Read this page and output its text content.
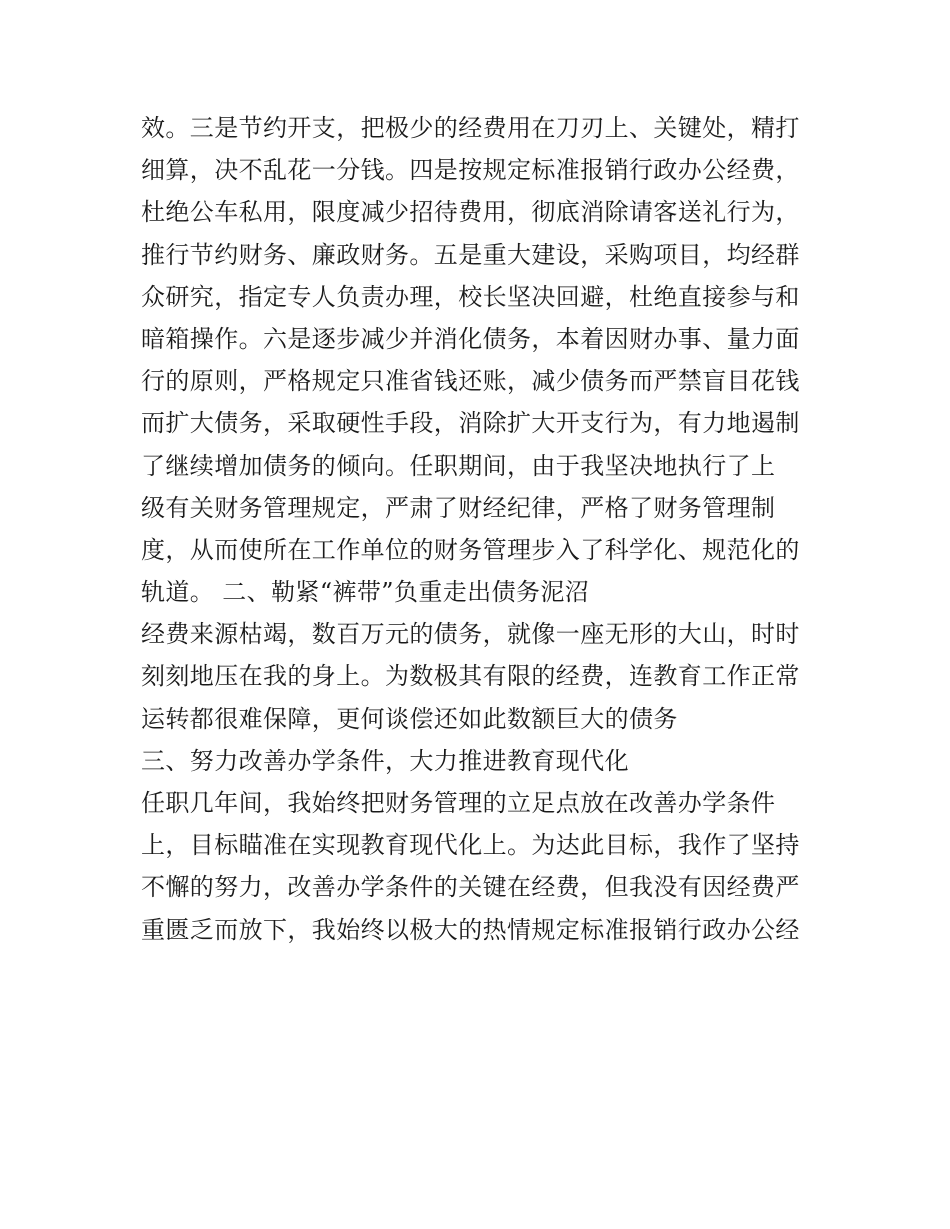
效。三是节约开支，把极少的经费用在刀刃上、关键处，精打
细算，决不乱花一分钱。四是按规定标准报销行政办公经费，
杜绝公车私用，限度减少招待费用，彻底消除请客送礼行为，
推行节约财务、廉政财务。五是重大建设，采购项目，均经群
众研究，指定专人负责办理，校长坚决回避，杜绝直接参与和
暗箱操作。六是逐步减少并消化债务，本着因财办事、量力面
行的原则，严格规定只准省钱还账，减少债务而严禁盲目花钱
而扩大债务，采取硬性手段，消除扩大开支行为，有力地遏制
了继续增加债务的倾向。任职期间，由于我坚决地执行了上
级有关财务管理规定，严肃了财经纪律，严格了财务管理制
度，从而使所在工作单位的财务管理步入了科学化、规范化的
轨道。 二、勒紧“裤带”负重走出债务泥沼
经费来源枯竭，数百万元的债务，就像一座无形的大山，时时
刻刻地压在我的身上。为数极其有限的经费，连教育工作正常
运转都很难保障，更何谈偿还如此数额巨大的债务
三、努力改善办学条件，大力推进教育现代化
任职几年间，我始终把财务管理的立足点放在改善办学条件
上，目标瞄准在实现教育现代化上。为达此目标，我作了坚持
不懈的努力，改善办学条件的关键在经费，但我没有因经费严
重匮乏而放下，我始终以极大的热情规定标准报销行政办公经
